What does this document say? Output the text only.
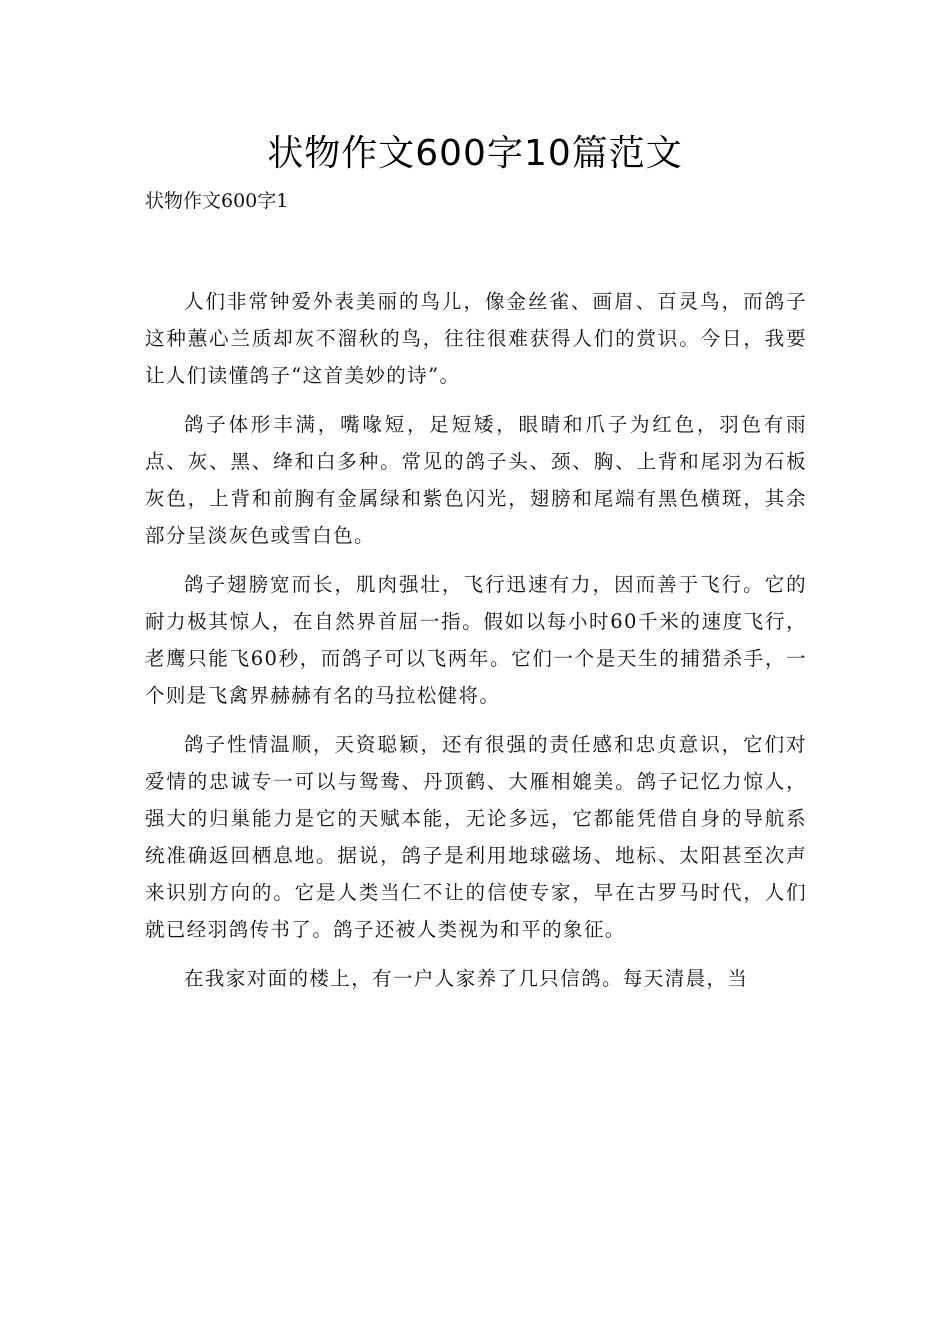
状物作文600字10篇范文
状物作文600字1

人们非常钟爱外表美丽的鸟儿，像金丝雀、画眉、百灵鸟，而鸽子这种蕙心兰质却灰不溜秋的鸟，往往很难获得人们的赏识。今日，我要让人们读懂鸽子“这首美妙的诗”。

鸽子体形丰满，嘴喙短，足短矮，眼睛和爪子为红色，羽色有雨点、灰、黑、绛和白多种。常见的鸽子头、颈、胸、上背和尾羽为石板灰色，上背和前胸有金属绿和紫色闪光，翅膀和尾端有黑色横斑，其余部分呈淡灰色或雪白色。

鸽子翅膀宽而长，肌肉强壮，飞行迅速有力，因而善于飞行。它的耐力极其惊人，在自然界首屈一指。假如以每小时60千米的速度飞行，老鹰只能飞60秒，而鸽子可以飞两年。它们一个是天生的捕猎杀手，一个则是飞禽界赫赫有名的马拉松健将。

鸽子性情温顺，天资聪颖，还有很强的责任感和忠贞意识，它们对爱情的忠诚专一可以与鸳鸯、丹顶鹤、大雁相媲美。鸽子记忆力惊人，强大的归巢能力是它的天赋本能，无论多远，它都能凭借自身的导航系统准确返回栖息地。据说，鸽子是利用地球磁场、地标、太阳甚至次声来识别方向的。它是人类当仁不让的信使专家，早在古罗马时代，人们就已经羽鸽传书了。鸽子还被人类视为和平的象征。

在我家对面的楼上，有一户人家养了几只信鸽。每天清晨，当
